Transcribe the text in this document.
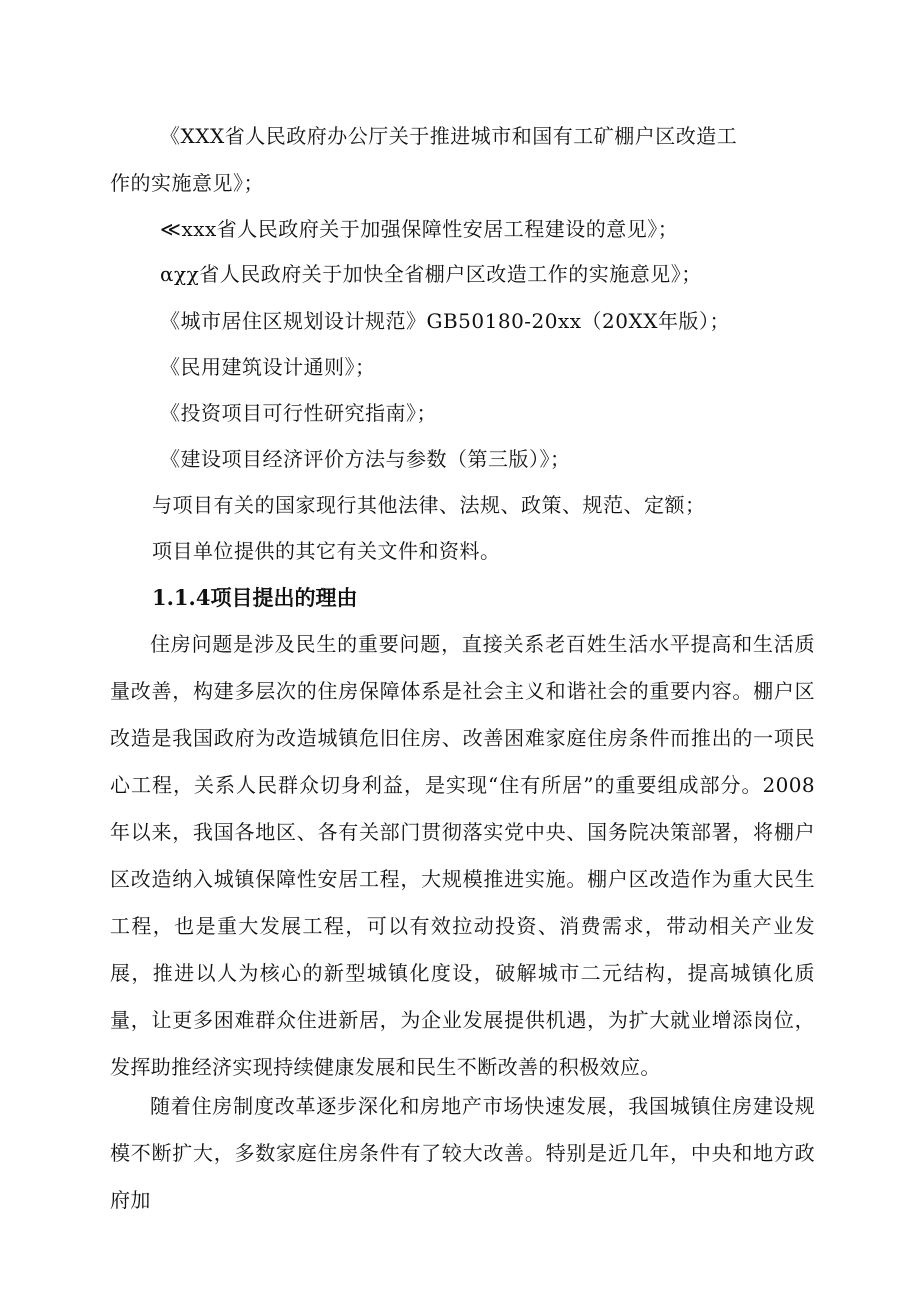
《XXX省人民政府办公厅关于推进城市和国有工矿棚户区改造工
作的实施意见》；
≪xxx省人民政府关于加强保障性安居工程建设的意见》；
αχχ省人民政府关于加快全省棚户区改造工作的实施意见》；
《城市居住区规划设计规范》GB50180-20xx（20XX年版）；
《民用建筑设计通则》；
《投资项目可行性研究指南》；
《建设项目经济评价方法与参数（第三版）》；
与项目有关的国家现行其他法律、法规、政策、规范、定额；
项目单位提供的其它有关文件和资料。
1.1.4项目提出的理由

住房问题是涉及民生的重要问题，直接关系老百姓生活水平提高和生活质量改善，构建多层次的住房保障体系是社会主义和谐社会的重要内容。棚户区改造是我国政府为改造城镇危旧住房、改善困难家庭住房条件而推出的一项民心工程，关系人民群众切身利益，是实现“住有所居”的重要组成部分。2008年以来，我国各地区、各有关部门贯彻落实党中央、国务院决策部署，将棚户区改造纳入城镇保障性安居工程，大规模推进实施。棚户区改造作为重大民生工程，也是重大发展工程，可以有效拉动投资、消费需求，带动相关产业发展，推进以人为核心的新型城镇化度设，破解城市二元结构，提高城镇化质量，让更多困难群众住进新居，为企业发展提供机遇，为扩大就业增添岗位，发挥助推经济实现持续健康发展和民生不断改善的积极效应。

随着住房制度改革逐步深化和房地产市场快速发展，我国城镇住房建设规模不断扩大，多数家庭住房条件有了较大改善。特别是近几年，中央和地方政府加
